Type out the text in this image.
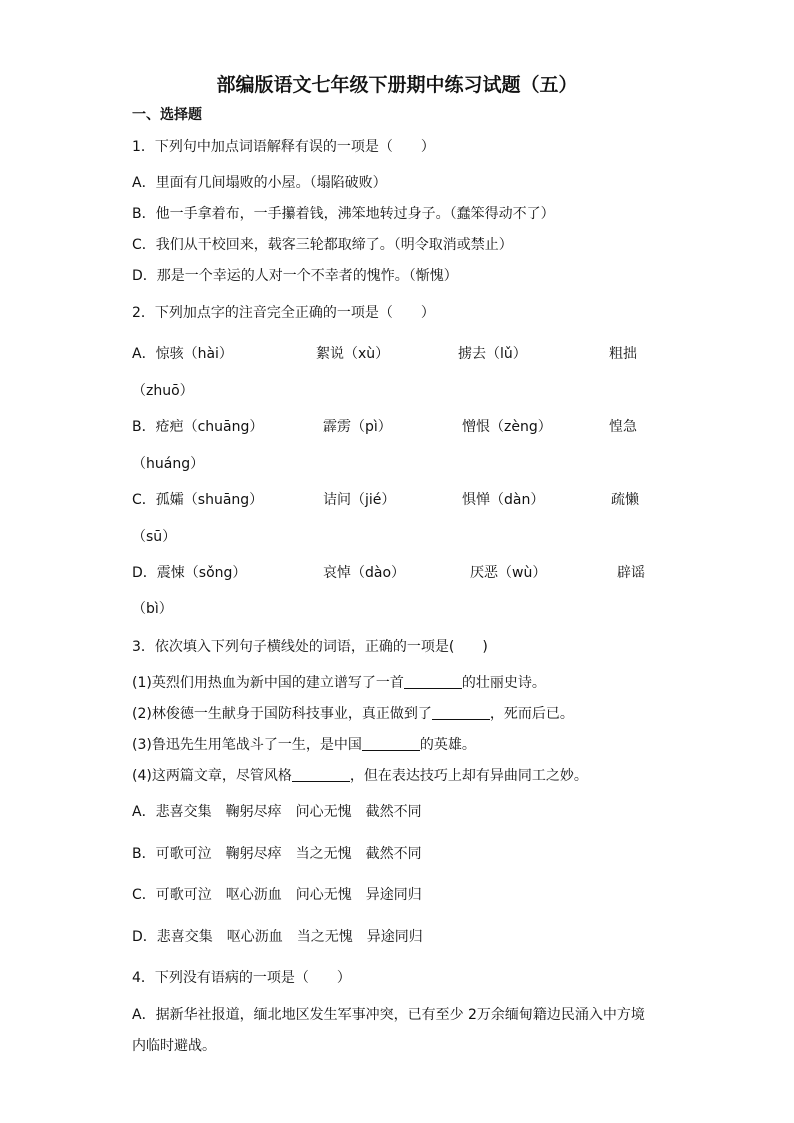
部编版语文七年级下册期中练习试题（五）
一、选择题
1．下列句中加点词语解释有误的一项是（　　）
A．里面有几间塌败的小屋。（塌陷破败）
B．他一手拿着布，一手攥着钱，沸笨地转过身子。（蠢笨得动不了）
C．我们从干校回来，载客三轮都取缔了。（明令取消或禁止）
D．那是一个幸运的人对一个不幸者的愧怍。（惭愧）
2．下列加点字的注音完全正确的一项是（　　）
A．惊骇（hài）	絮说（xù）	掳去（lǔ）	粗拙
（zhuō）
B．疮疤（chuāng）	霹雳（pì）	憎恨（zèng）	惶急
（huáng）
C．孤孀（shuāng）	诘问（jié）	惧惮（dàn）	疏懒
（sū）
D．震悚（sǒng）	哀悼（dào）	厌恶（wù）	辟谣
（bì）
3．依次填入下列句子横线处的词语，正确的一项是(　　)
(1)英烈们用热血为新中国的建立谱写了一首	的壮丽史诗。
(2)林俊德一生献身于国防科技事业，真正做到了	，死而后已。
(3)鲁迅先生用笔战斗了一生，是中国	的英雄。
(4)这两篇文章，尽管风格	，但在表达技巧上却有异曲同工之妙。
A．悲喜交集　鞠躬尽瘁　问心无愧　截然不同
B．可歌可泣　鞠躬尽瘁　当之无愧　截然不同
C．可歌可泣　呕心沥血　问心无愧　异途同归
D．悲喜交集　呕心沥血　当之无愧　异途同归
4．下列没有语病的一项是（　　）
A．据新华社报道，缅北地区发生军事冲突，已有至少 2万余缅甸籍边民涌入中方境
内临时避战。
